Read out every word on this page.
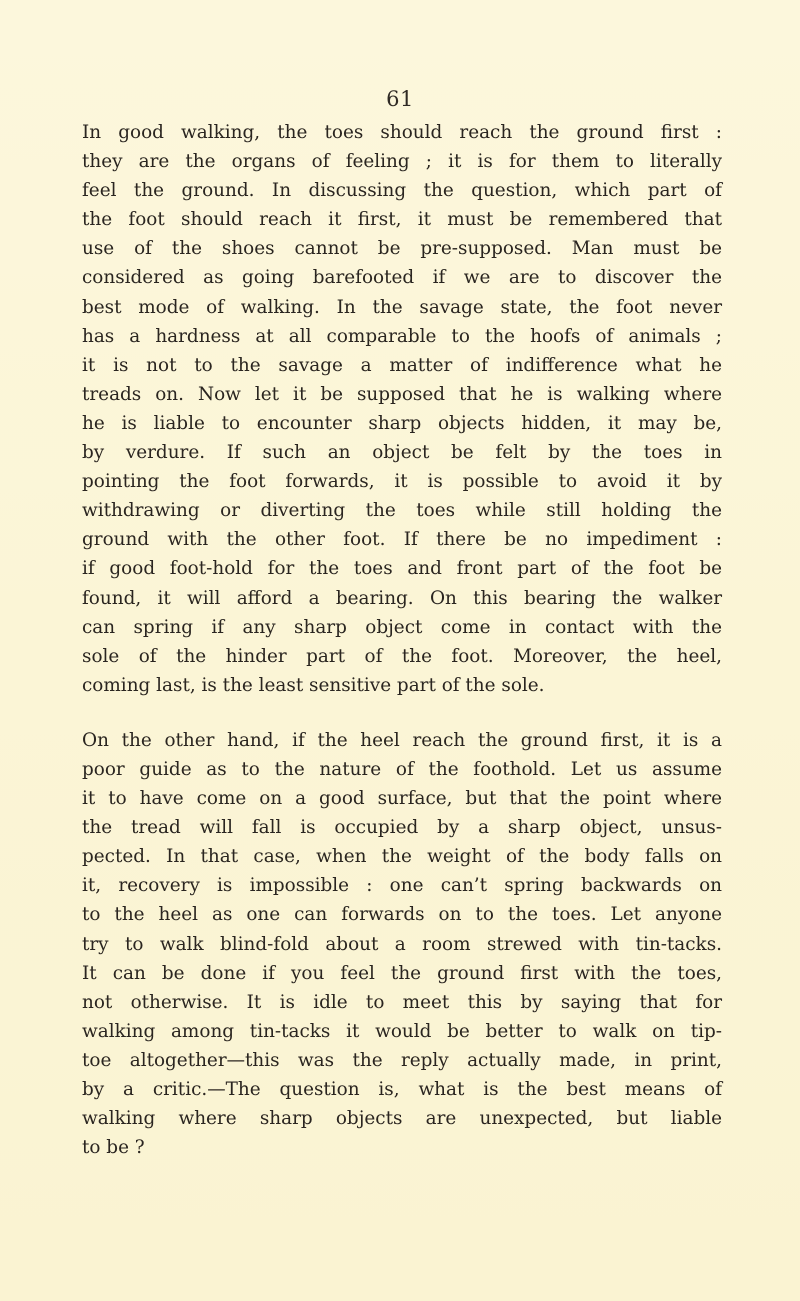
61
In good walking, the toes should reach the ground first :
they are the organs of feeling ; it is for them to literally
feel the ground. In discussing the question, which part of
the foot should reach it first, it must be remembered that
use of the shoes cannot be pre-supposed. Man must be
considered as going barefooted if we are to discover the
best mode of walking. In the savage state, the foot never
has a hardness at all comparable to the hoofs of animals ;
it is not to the savage a matter of indifference what he
treads on. Now let it be supposed that he is walking where
he is liable to encounter sharp objects hidden, it may be,
by verdure. If such an object be felt by the toes in
pointing the foot forwards, it is possible to avoid it by
withdrawing or diverting the toes while still holding the
ground with the other foot. If there be no impediment :
if good foot-hold for the toes and front part of the foot be
found, it will afford a bearing. On this bearing the walker
can spring if any sharp object come in contact with the
sole of the hinder part of the foot. Moreover, the heel,
coming last, is the least sensitive part of the sole.
On the other hand, if the heel reach the ground first, it is a
poor guide as to the nature of the foothold. Let us assume
it to have come on a good surface, but that the point where
the tread will fall is occupied by a sharp object, unsus-
pected. In that case, when the weight of the body falls on
it, recovery is impossible : one can’t spring backwards on
to the heel as one can forwards on to the toes. Let anyone
try to walk blind-fold about a room strewed with tin-tacks.
It can be done if you feel the ground first with the toes,
not otherwise. It is idle to meet this by saying that for
walking among tin-tacks it would be better to walk on tip-
toe altogether—this was the reply actually made, in print,
by a critic.—The question is, what is the best means of
walking where sharp objects are unexpected, but liable
to be ?
